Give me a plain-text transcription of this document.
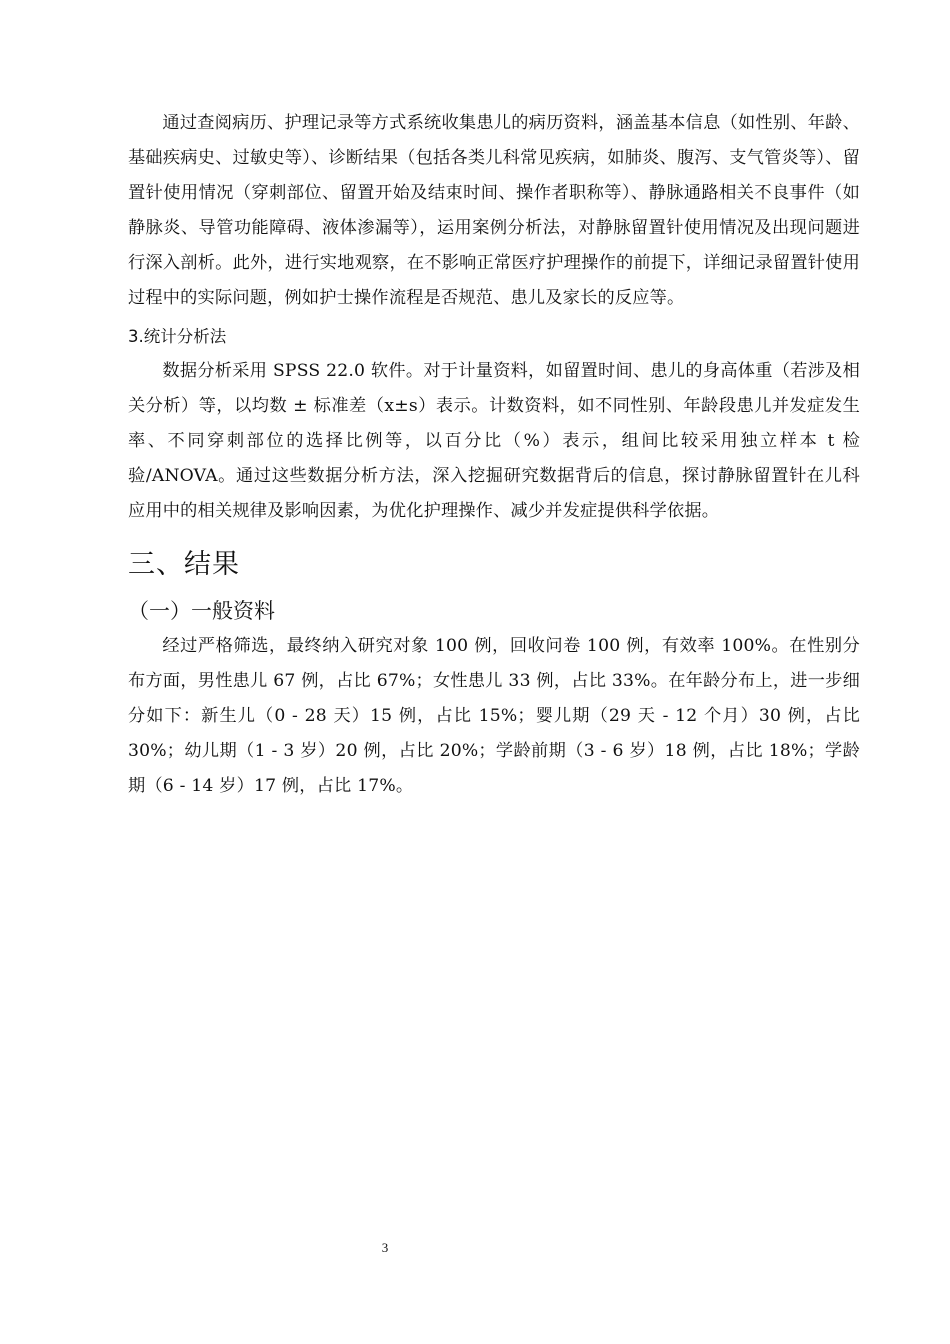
通过查阅病历、护理记录等方式系统收集患儿的病历资料，涵盖基本信息（如性别、年龄、基础疾病史、过敏史等）、诊断结果（包括各类儿科常见疾病，如肺炎、腹泻、支气管炎等）、留置针使用情况（穿刺部位、留置开始及结束时间、操作者职称等）、静脉通路相关不良事件（如静脉炎、导管功能障碍、液体渗漏等），运用案例分析法，对静脉留置针使用情况及出现问题进行深入剖析。此外，进行实地观察，在不影响正常医疗护理操作的前提下，详细记录留置针使用过程中的实际问题，例如护士操作流程是否规范、患儿及家长的反应等。

3.统计分析法

数据分析采用 SPSS 22.0 软件。对于计量资料，如留置时间、患儿的身高体重（若涉及相关分析）等，以均数 ± 标准差（x±s）表示。计数资料，如不同性别、年龄段患儿并发症发生率、不同穿刺部位的选择比例等，以百分比（%）表示，组间比较采用独立样本 t 检验/ANOVA。通过这些数据分析方法，深入挖掘研究数据背后的信息，探讨静脉留置针在儿科应用中的相关规律及影响因素，为优化护理操作、减少并发症提供科学依据。

三、结果
（一）一般资料

经过严格筛选，最终纳入研究对象 100 例，回收问卷 100 例，有效率 100%。在性别分布方面，男性患儿 67 例，占比 67%；女性患儿 33 例，占比 33%。在年龄分布上，进一步细分如下：新生儿（0 - 28 天）15 例，占比 15%；婴儿期（29 天 - 12 个月）30 例，占比 30%；幼儿期（1 - 3 岁）20 例，占比 20%；学龄前期（3 - 6 岁）18 例，占比 18%；学龄期（6 - 14 岁）17 例，占比 17%。

3
